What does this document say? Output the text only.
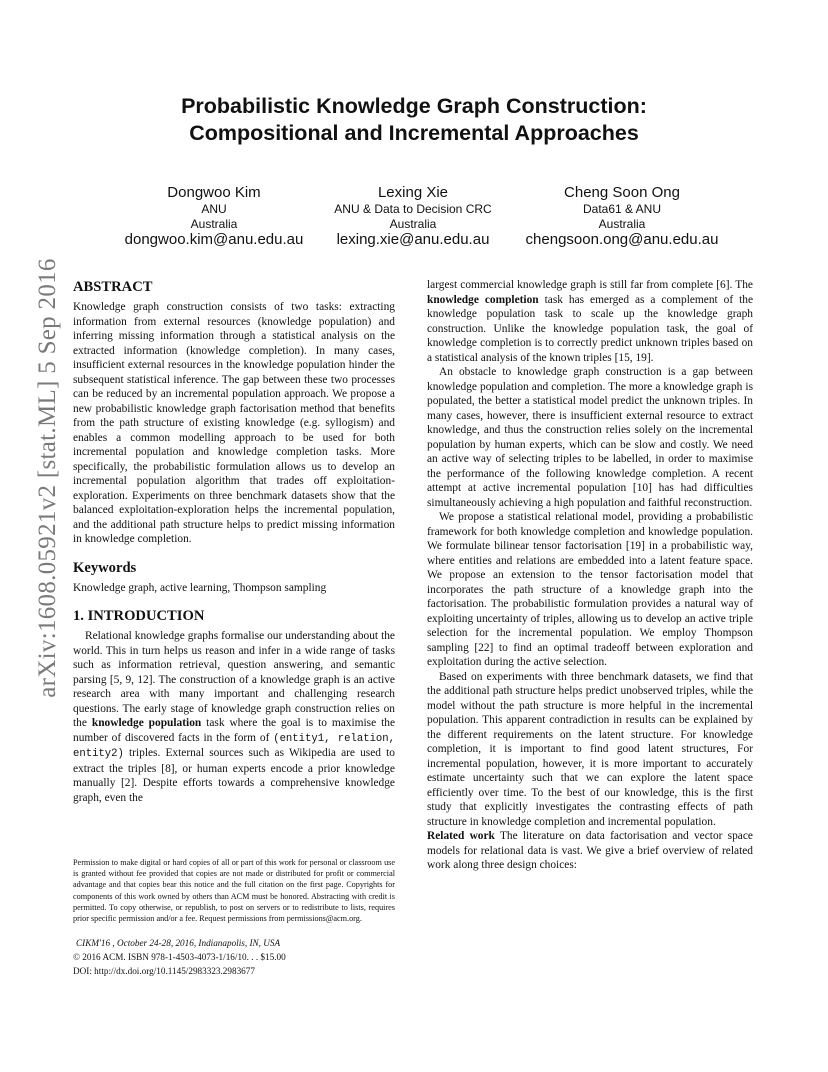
arXiv:1608.05921v2 [stat.ML] 5 Sep 2016
Probabilistic Knowledge Graph Construction:
Compositional and Incremental Approaches
Dongwoo Kim
ANU
Australia
dongwoo.kim@anu.edu.au
Lexing Xie
ANU & Data to Decision CRC
Australia
lexing.xie@anu.edu.au
Cheng Soon Ong
Data61 & ANU
Australia
chengsoon.ong@anu.edu.au
ABSTRACT

Knowledge graph construction consists of two tasks: extracting information from external resources (knowledge population) and inferring missing information through a statistical analysis on the extracted information (knowledge completion). In many cases, insufficient external resources in the knowledge population hinder the subsequent statistical inference. The gap between these two processes can be reduced by an incremental population approach. We propose a new probabilistic knowledge graph factorisation method that benefits from the path structure of existing knowledge (e.g. syllogism) and enables a common modelling approach to be used for both incremental population and knowledge completion tasks. More specifically, the probabilistic formulation allows us to develop an incremental population algorithm that trades off exploitation-exploration. Experiments on three benchmark datasets show that the balanced exploitation-exploration helps the incremental population, and the additional path structure helps to predict missing information in knowledge completion.

Keywords

Knowledge graph, active learning, Thompson sampling

1. INTRODUCTION

Relational knowledge graphs formalise our understanding about the world. This in turn helps us reason and infer in a wide range of tasks such as information retrieval, question answering, and semantic parsing [5, 9, 12]. The construction of a knowledge graph is an active research area with many important and challenging research questions. The early stage of knowledge graph construction relies on the knowledge population task where the goal is to maximise the number of discovered facts in the form of (entity1, relation, entity2) triples. External sources such as Wikipedia are used to extract the triples [8], or human experts encode a prior knowledge manually [2]. Despite efforts towards a comprehensive knowledge graph, even the

Permission to make digital or hard copies of all or part of this work for personal or classroom use is granted without fee provided that copies are not made or distributed for profit or commercial advantage and that copies bear this notice and the full citation on the first page. Copyrights for components of this work owned by others than ACM must be honored. Abstracting with credit is permitted. To copy otherwise, or republish, to post on servers or to redistribute to lists, requires prior specific permission and/or a fee. Request permissions from permissions@acm.org.
CIKM'16 , October 24-28, 2016, Indianapolis, IN, USA
© 2016 ACM. ISBN 978-1-4503-4073-1/16/10. . . $15.00
DOI: http://dx.doi.org/10.1145/2983323.2983677

largest commercial knowledge graph is still far from complete [6]. The knowledge completion task has emerged as a complement of the knowledge population task to scale up the knowledge graph construction. Unlike the knowledge population task, the goal of knowledge completion is to correctly predict unknown triples based on a statistical analysis of the known triples [15, 19].

An obstacle to knowledge graph construction is a gap between knowledge population and completion. The more a knowledge graph is populated, the better a statistical model predict the unknown triples. In many cases, however, there is insufficient external resource to extract knowledge, and thus the construction relies solely on the incremental population by human experts, which can be slow and costly. We need an active way of selecting triples to be labelled, in order to maximise the performance of the following knowledge completion. A recent attempt at active incremental population [10] has had difficulties simultaneously achieving a high population and faithful reconstruction.

We propose a statistical relational model, providing a probabilistic framework for both knowledge completion and knowledge population. We formulate bilinear tensor factorisation [19] in a probabilistic way, where entities and relations are embedded into a latent feature space. We propose an extension to the tensor factorisation model that incorporates the path structure of a knowledge graph into the factorisation. The probabilistic formulation provides a natural way of exploiting uncertainty of triples, allowing us to develop an active triple selection for the incremental population. We employ Thompson sampling [22] to find an optimal tradeoff between exploration and exploitation during the active selection.

Based on experiments with three benchmark datasets, we find that the additional path structure helps predict unobserved triples, while the model without the path structure is more helpful in the incremental population. This apparent contradiction in results can be explained by the different requirements on the latent structure. For knowledge completion, it is important to find good latent structures, For incremental population, however, it is more important to accurately estimate uncertainty such that we can explore the latent space efficiently over time. To the best of our knowledge, this is the first study that explicitly investigates the contrasting effects of path structure in knowledge completion and incremental population.

Related work The literature on data factorisation and vector space models for relational data is vast. We give a brief overview of related work along three design choices:
